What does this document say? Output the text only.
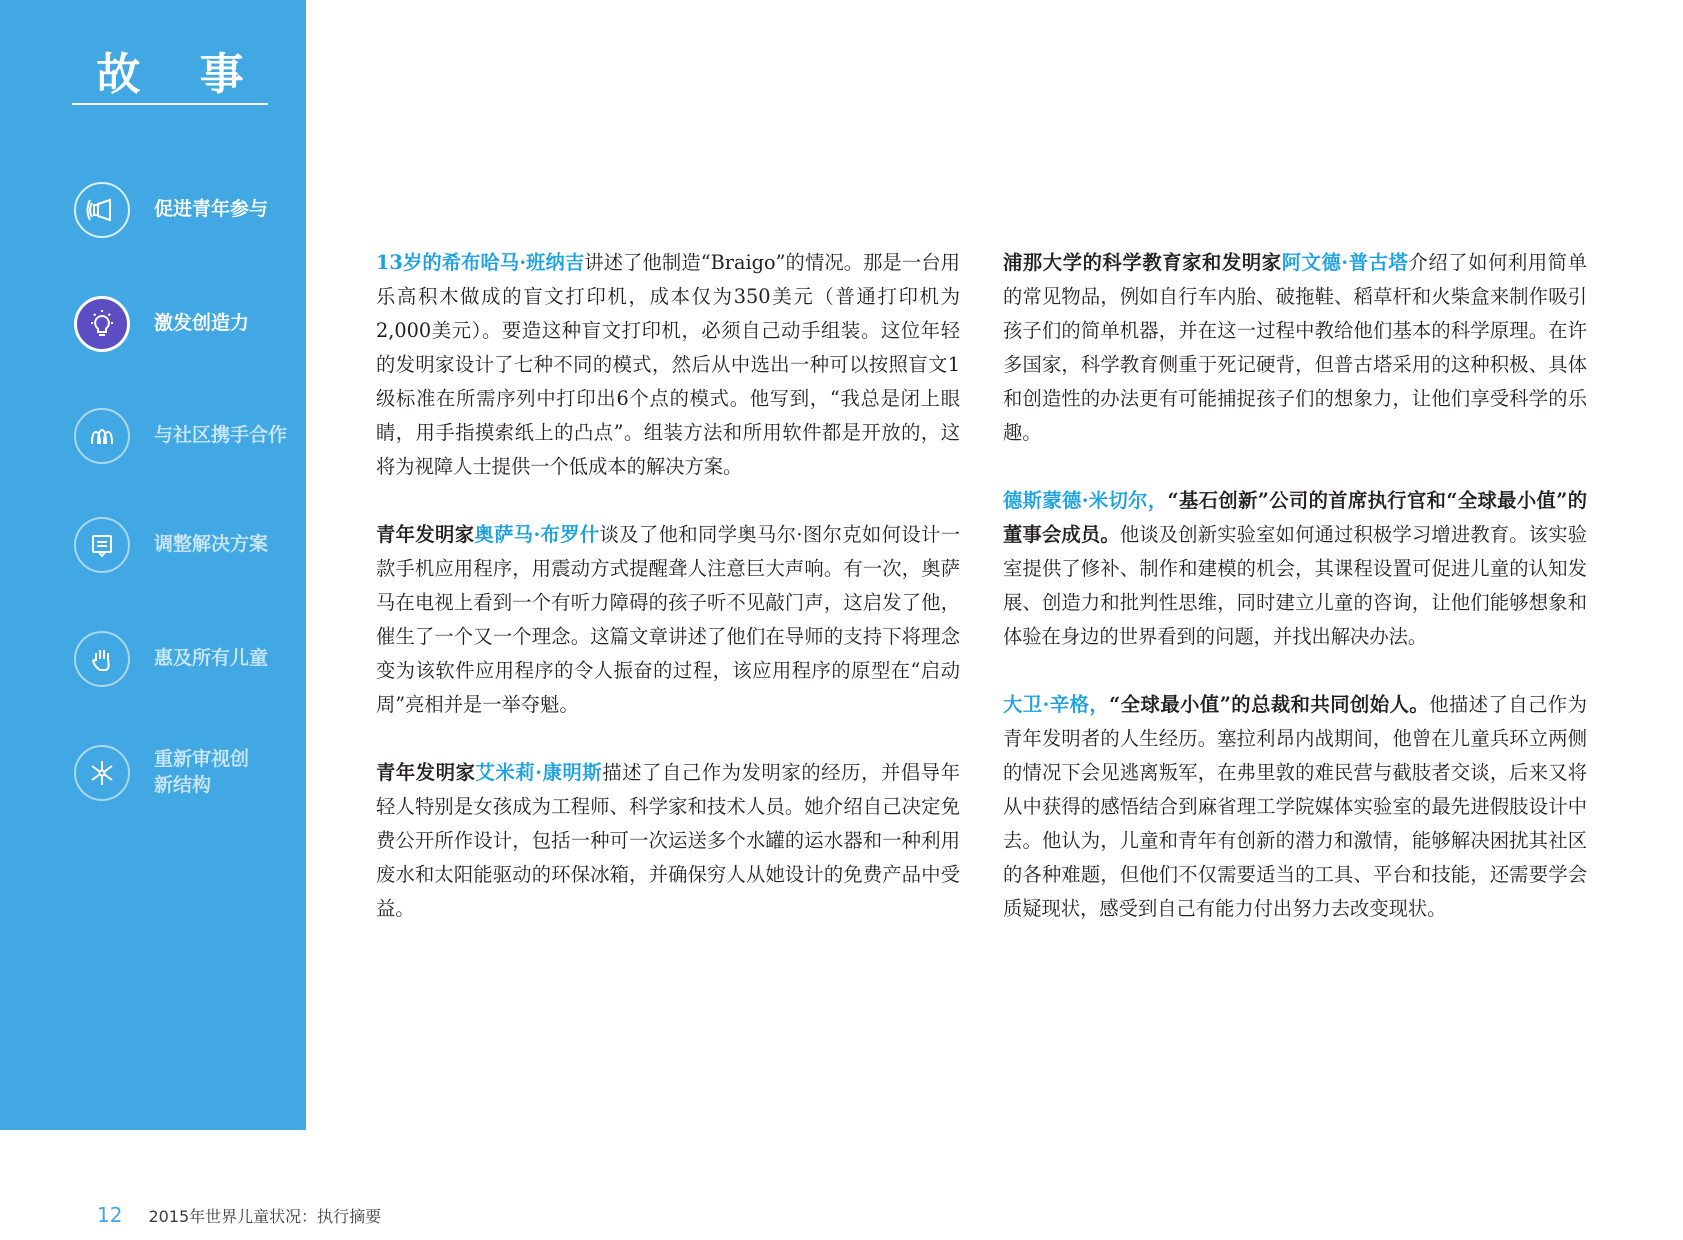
故 事
促进青年参与
激发创造力
与社区携手合作
调整解决方案
惠及所有儿童
重新审视创新结构

13岁的希布哈马·班纳吉讲述了他制造“Braigo”的情况。那是一台用乐高积木做成的盲文打印机，成本仅为350美元（普通打印机为2,000美元）。要造这种盲文打印机，必须自己动手组装。这位年轻的发明家设计了七种不同的模式，然后从中选出一种可以按照盲文1级标准在所需序列中打印出6个点的模式。他写到，“我总是闭上眼睛，用手指摸索纸上的凸点”。组装方法和所用软件都是开放的，这将为视障人士提供一个低成本的解决方案。

青年发明家奥萨马·布罗什谈及了他和同学奥马尔·图尔克如何设计一款手机应用程序，用震动方式提醒聋人注意巨大声响。有一次，奥萨马在电视上看到一个有听力障碍的孩子听不见敲门声，这启发了他，催生了一个又一个理念。这篇文章讲述了他们在导师的支持下将理念变为该软件应用程序的令人振奋的过程，该应用程序的原型在“启动周”亮相并是一举夺魁。

青年发明家艾米莉·康明斯描述了自己作为发明家的经历，并倡导年轻人特别是女孩成为工程师、科学家和技术人员。她介绍自己决定免费公开所作设计，包括一种可一次运送多个水罐的运水器和一种利用废水和太阳能驱动的环保冰箱，并确保穷人从她设计的免费产品中受益。

浦那大学的科学教育家和发明家阿文德·普古塔介绍了如何利用简单的常见物品，例如自行车内胎、破拖鞋、稻草杆和火柴盒来制作吸引孩子们的简单机器，并在这一过程中教给他们基本的科学原理。在许多国家，科学教育侧重于死记硬背，但普古塔采用的这种积极、具体和创造性的办法更有可能捕捉孩子们的想象力，让他们享受科学的乐趣。

德斯蒙德·米切尔，“基石创新”公司的首席执行官和“全球最小值”的董事会成员。他谈及创新实验室如何通过积极学习增进教育。该实验室提供了修补、制作和建模的机会，其课程设置可促进儿童的认知发展、创造力和批判性思维，同时建立儿童的咨询，让他们能够想象和体验在身边的世界看到的问题，并找出解决办法。

大卫·辛格，“全球最小值”的总裁和共同创始人。他描述了自己作为青年发明者的人生经历。塞拉利昂内战期间，他曾在儿童兵环立两侧的情况下会见逃离叛军，在弗里敦的难民营与截肢者交谈，后来又将从中获得的感悟结合到麻省理工学院媒体实验室的最先进假肢设计中去。他认为，儿童和青年有创新的潜力和激情，能够解决困扰其社区的各种难题，但他们不仅需要适当的工具、平台和技能，还需要学会质疑现状，感受到自己有能力付出努力去改变现状。

12 2015年世界儿童状况：执行摘要
